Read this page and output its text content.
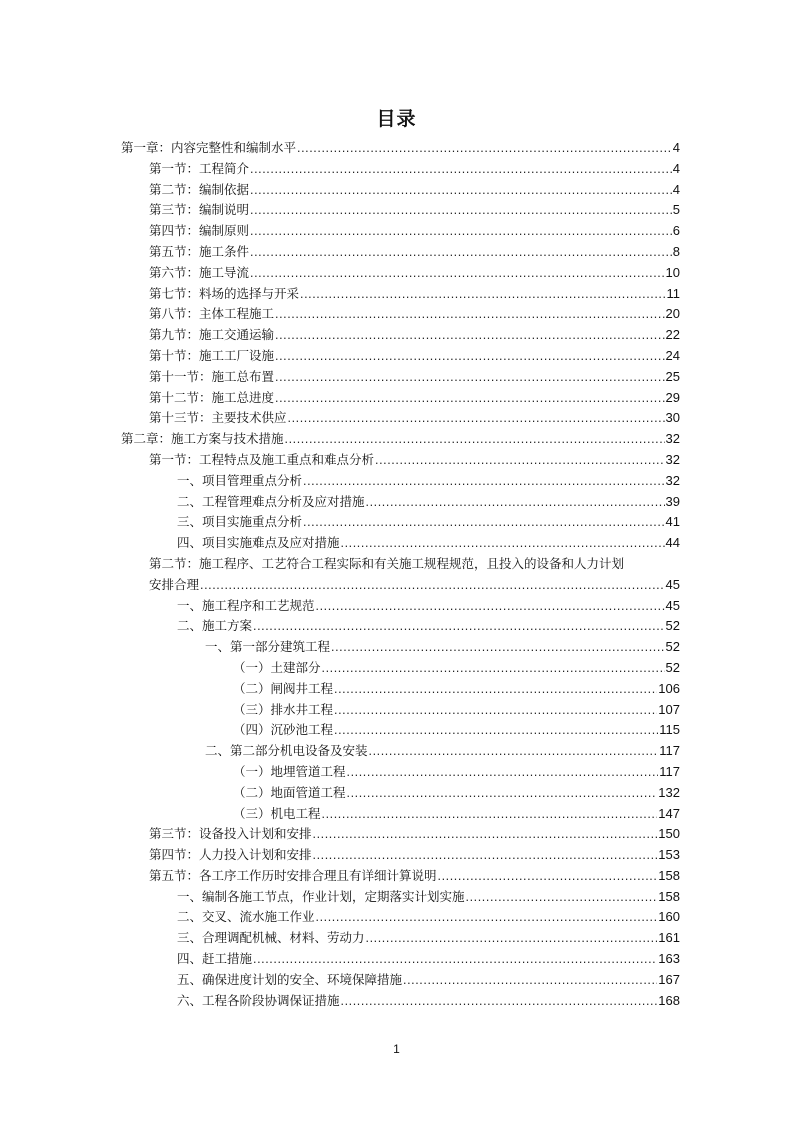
目录
第一章：内容完整性和编制水平 .....	4
第一节：工程简介 .....	4
第二节：编制依据 .....	4
第三节：编制说明 .....	5
第四节：编制原则 .....	6
第五节：施工条件 .....	8
第六节：施工导流 .....	10
第七节：料场的选择与开采 .....	11
第八节：主体工程施工 .....	20
第九节：施工交通运输 .....	22
第十节：施工工厂设施 .....	24
第十一节：施工总布置 .....	25
第十二节：施工总进度 .....	29
第十三节：主要技术供应 .....	30
第二章：施工方案与技术措施 .....	32
第一节：工程特点及施工重点和难点分析 .....	32
一、项目管理重点分析 .....	32
二、工程管理难点分析及应对措施 .....	39
三、项目实施重点分析 .....	41
四、项目实施难点及应对措施 .....	44
第二节：施工程序、工艺符合工程实际和有关施工规程规范，且投入的设备和人力计划
安排合理 .....	45
一、施工程序和工艺规范 .....	45
二、施工方案 .....	52
一、第一部分建筑工程 .....	52
（一）土建部分 .....	52
（二）闸阀井工程 .....	106
（三）排水井工程 .....	107
（四）沉砂池工程 .....	115
二、第二部分机电设备及安装 .....	117
（一）地埋管道工程 .....	117
（二）地面管道工程 .....	132
（三）机电工程 .....	147
第三节：设备投入计划和安排 .....	150
第四节：人力投入计划和安排 .....	153
第五节：各工序工作历时安排合理且有详细计算说明 .....	158
一、编制各施工节点，作业计划，定期落实计划实施 .....	158
二、交叉、流水施工作业 .....	160
三、合理调配机械、材料、劳动力 .....	161
四、赶工措施 .....	163
五、确保进度计划的安全、环境保障措施 .....	167
六、工程各阶段协调保证措施 .....	168
1
